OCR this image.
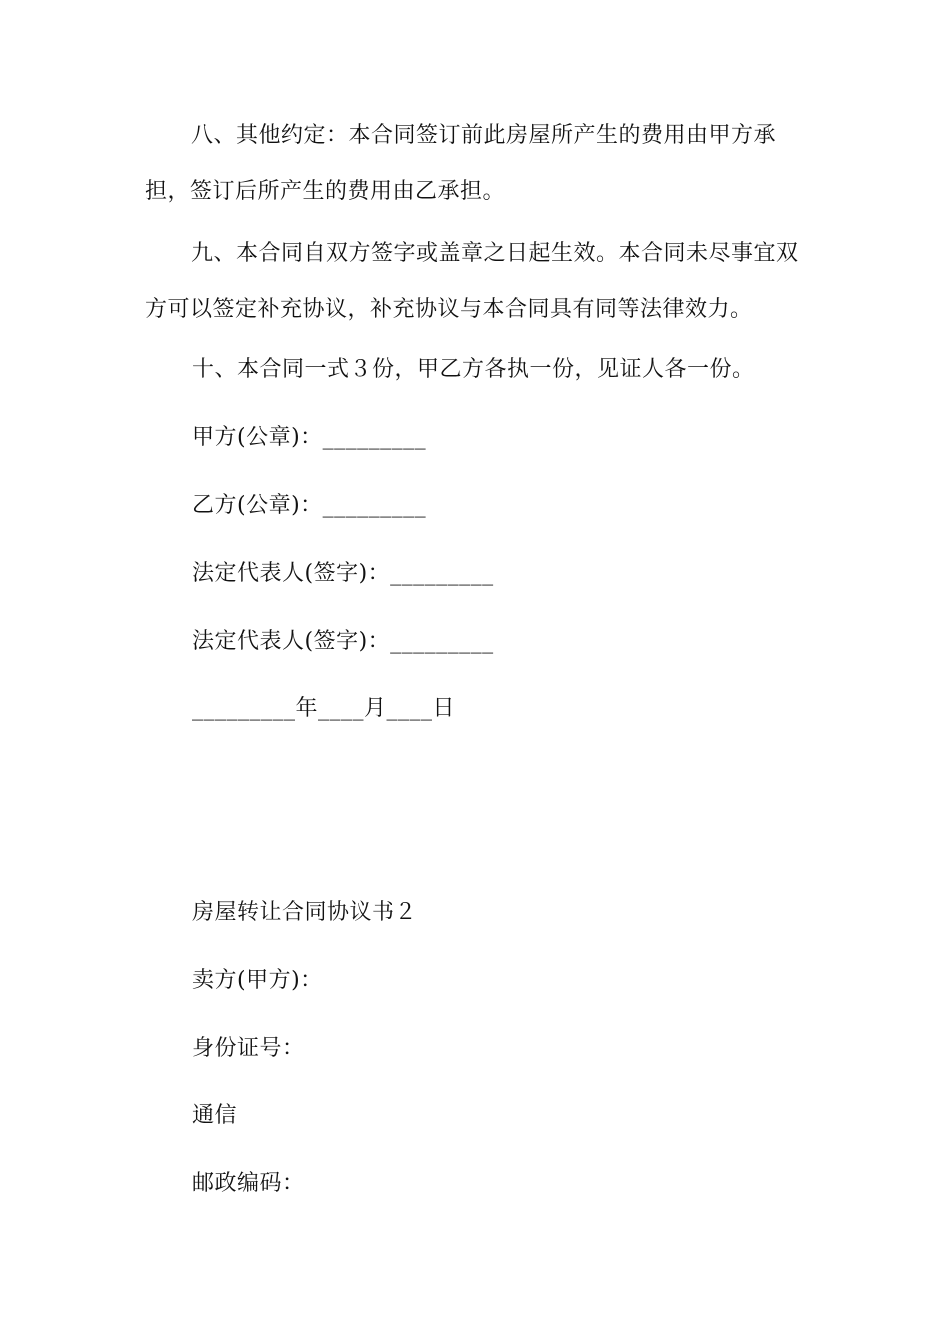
八、其他约定：本合同签订前此房屋所产生的费用由甲方承担，签订后所产生的费用由乙承担。

九、本合同自双方签字或盖章之日起生效。本合同未尽事宜双方可以签定补充协议，补充协议与本合同具有同等法律效力。

十、本合同一式３份，甲乙方各执一份，见证人各一份。

甲方(公章)：_________

乙方(公章)：_________

法定代表人(签字)：_________

法定代表人(签字)：_________

_________年____月____日

房屋转让合同协议书２

卖方(甲方)：

身份证号：

通信

邮政编码：
